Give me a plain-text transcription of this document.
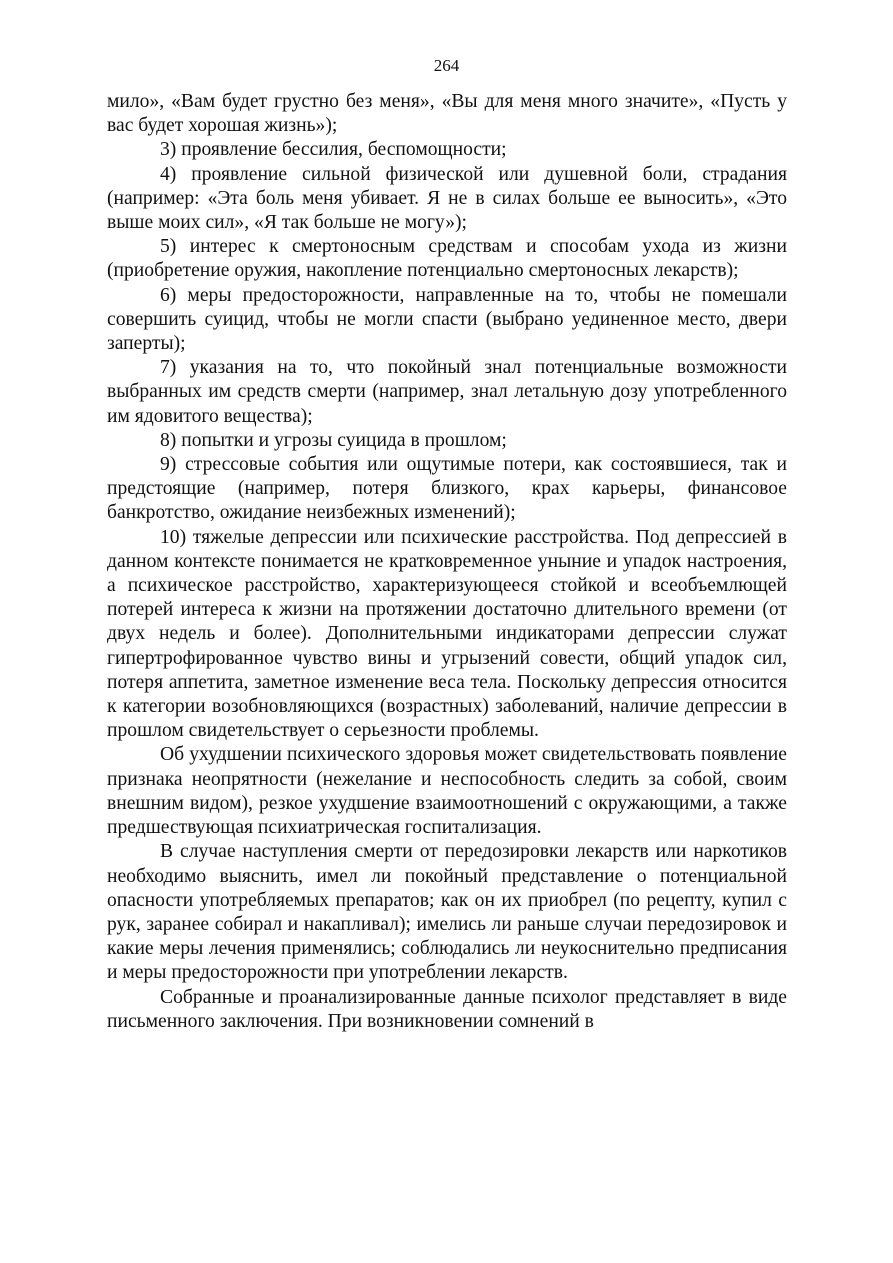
264

мило», «Вам будет грустно без меня», «Вы для меня много значите», «Пусть у вас будет хорошая жизнь»);

3) проявление бессилия, беспомощности;

4) проявление сильной физической или душевной боли, страдания (например: «Эта боль меня убивает. Я не в силах больше ее выносить», «Это выше моих сил», «Я так больше не могу»);

5) интерес к смертоносным средствам и способам ухода из жизни (приобретение оружия, накопление потенциально смертоносных лекарств);

6) меры предосторожности, направленные на то, чтобы не помешали совершить суицид, чтобы не могли спасти (выбрано уединенное место, двери заперты);

7) указания на то, что покойный знал потенциальные возможности выбранных им средств смерти (например, знал летальную дозу употребленного им ядовитого вещества);

8) попытки и угрозы суицида в прошлом;

9) стрессовые события или ощутимые потери, как состоявшиеся, так и предстоящие (например, потеря близкого, крах карьеры, финансовое банкротство, ожидание неизбежных изменений);

10) тяжелые депрессии или психические расстройства. Под депрессией в данном контексте понимается не кратковременное уныние и упадок настроения, а психическое расстройство, характеризующееся стойкой и всеобъемлющей потерей интереса к жизни на протяжении достаточно длительного времени (от двух недель и более). Дополнительными индикаторами депрессии служат гипертрофированное чувство вины и угрызений совести, общий упадок сил, потеря аппетита, заметное изменение веса тела. Поскольку депрессия относится к категории возобновляющихся (возрастных) заболеваний, наличие депрессии в прошлом свидетельствует о серьезности проблемы.

Об ухудшении психического здоровья может свидетельствовать появление признака неопрятности (нежелание и неспособность следить за собой, своим внешним видом), резкое ухудшение взаимоотношений с окружающими, а также предшествующая психиатрическая госпитализация.

В случае наступления смерти от передозировки лекарств или наркотиков необходимо выяснить, имел ли покойный представление о потенциальной опасности употребляемых препаратов; как он их приобрел (по рецепту, купил с рук, заранее собирал и накапливал); имелись ли раньше случаи передозировок и какие меры лечения применялись; соблюдались ли неукоснительно предписания и меры предосторожности при употреблении лекарств.

Собранные и проанализированные данные психолог представляет в виде письменного заключения. При возникновении сомнений в
